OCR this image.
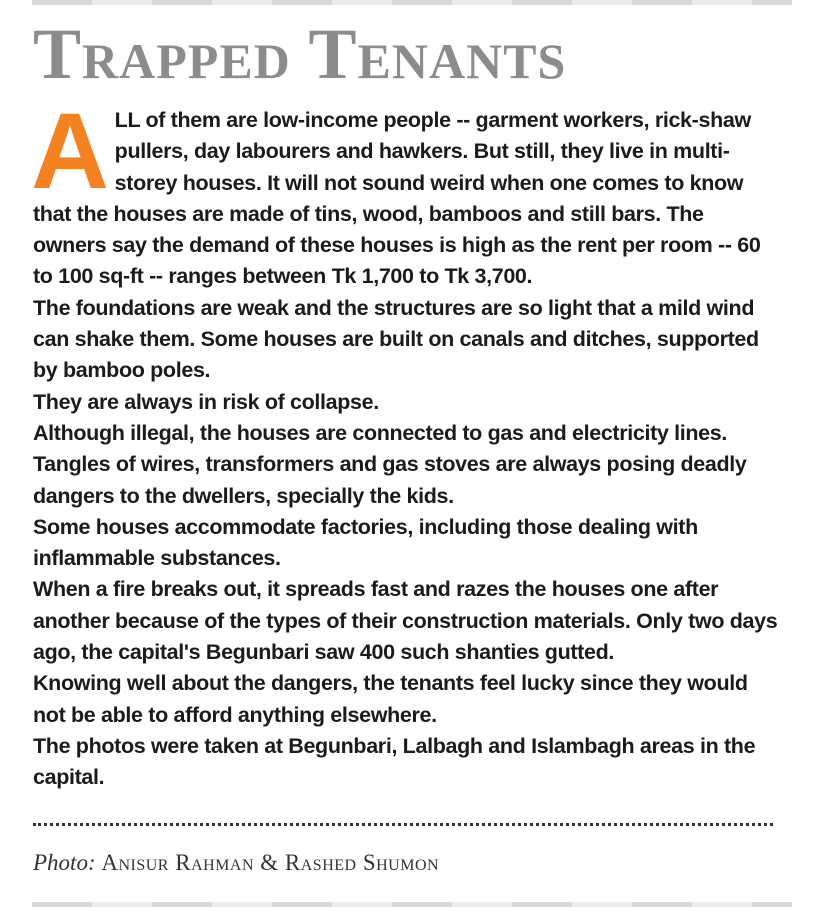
Trapped Tenants

ALL of them are low-income people -- garment workers, rick-shaw pullers, day labourers and hawkers. But still, they live in multi-storey houses. It will not sound weird when one comes to know that the houses are made of tins, wood, bamboos and still bars. The owners say the demand of these houses is high as the rent per room -- 60 to 100 sq-ft -- ranges between Tk 1,700 to Tk 3,700.

The foundations are weak and the structures are so light that a mild wind can shake them. Some houses are built on canals and ditches, supported by bamboo poles.

They are always in risk of collapse.

Although illegal, the houses are connected to gas and electricity lines. Tangles of wires, transformers and gas stoves are always posing deadly dangers to the dwellers, specially the kids.

Some houses accommodate factories, including those dealing with inflammable substances.

When a fire breaks out, it spreads fast and razes the houses one after another because of the types of their construction materials. Only two days ago, the capital's Begunbari saw 400 such shanties gutted.

Knowing well about the dangers, the tenants feel lucky since they would not be able to afford anything elsewhere.

The photos were taken at Begunbari, Lalbagh and Islambagh areas in the capital.

Photo: Anisur Rahman & Rashed Shumon
